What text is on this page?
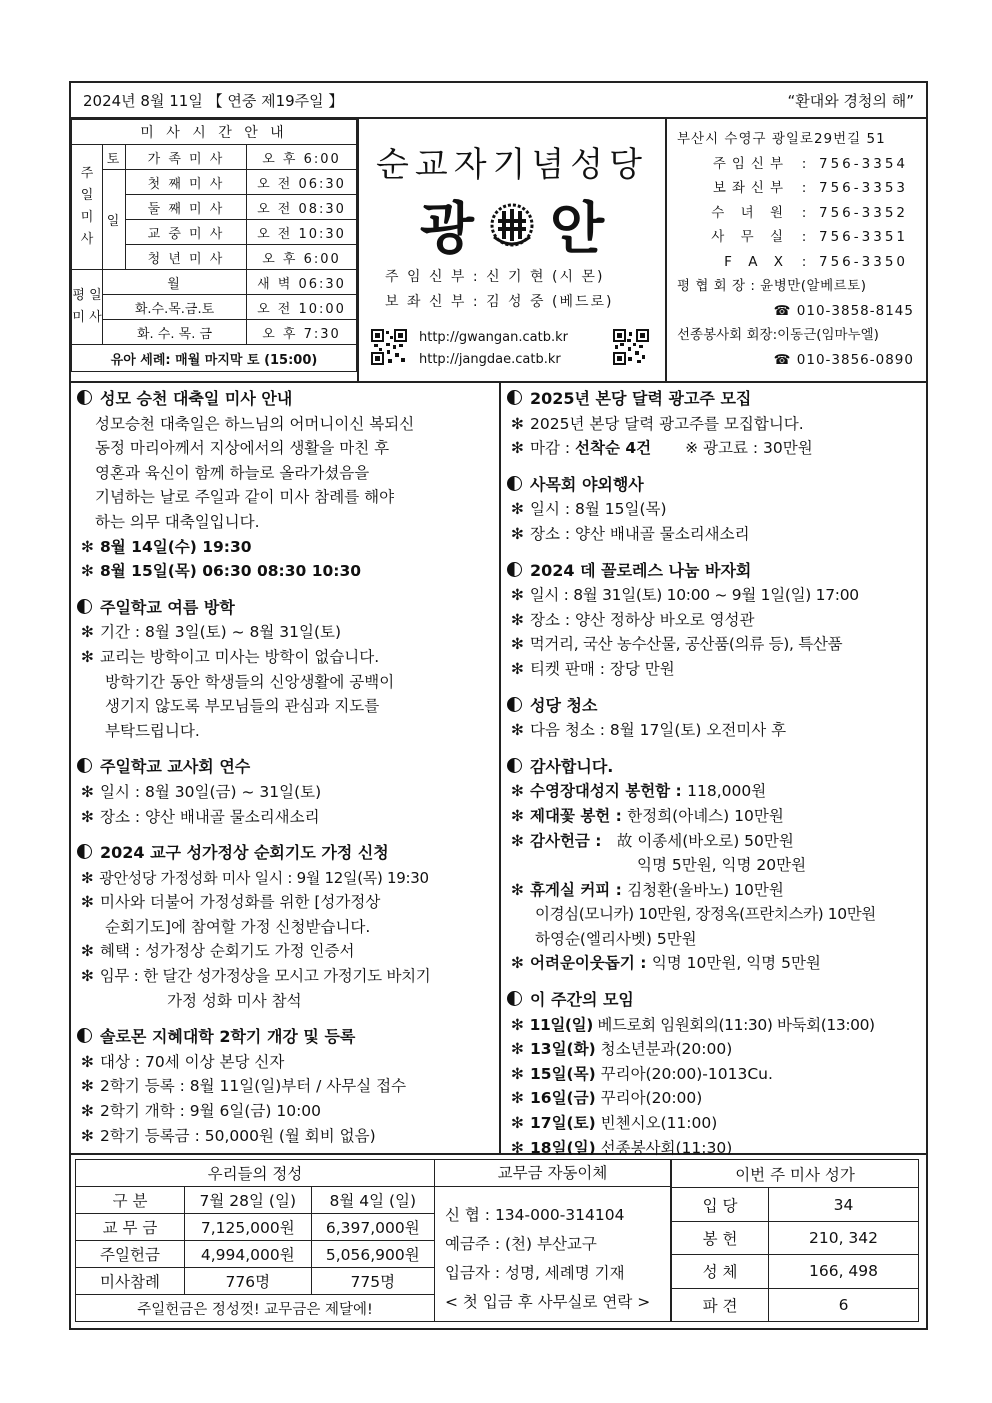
2024년 8월 11일 【 연중 제19주일 】	“환대와 경청의 해”
미 사 시 간 안 내			
주 일 미 사	토	가 족 미 사	오 후 6:00
	일	첫 째 미 사	오 전 06:30
		둘 째 미 사	오 전 08:30
		교 중 미 사	오 전 10:30
		청 년 미 사	오 후 6:00
평 일 미 사	월		새 벽 06:30
	화.수.목.금.토		오 전 10:00
	화. 수. 목. 금		오 후 7:30
유아 세례: 매월 마지막 토 (15:00)			
순교자기념성당
광 안
주 임 신 부 : 신 기 현 (시 몬)
보 좌 신 부 : 김 성 중 (베드로)
http://gwangan.catb.kr
http://jangdae.catb.kr
부산시 수영구 광일로29번길 51
주임신부 : 756-3354
보좌신부 : 756-3353
수 녀 원 : 756-3352
사 무 실 : 756-3351
F A X : 756-3350
평 협 회 장 : 윤병만(알베르토)
☎ 010-3858-8145
선종봉사회 회장:이동근(임마누엘)
☎ 010-3856-0890
성모 승천 대축일 미사 안내
성모승천 대축일은 하느님의 어머니이신 복되신
동정 마리아께서 지상에서의 생활을 마친 후
영혼과 육신이 함께 하늘로 올라가셨음을
기념하는 날로 주일과 같이 미사 참례를 해야
하는 의무 대축일입니다.
✻ 8월 14일(수) 19:30
✻ 8월 15일(목) 06:30 08:30 10:30
주일학교 여름 방학
✻ 기간 : 8월 3일(토) ~ 8월 31일(토)
✻ 교리는 방학이고 미사는 방학이 없습니다.
방학기간 동안 학생들의 신앙생활에 공백이
생기지 않도록 부모님들의 관심과 지도를
부탁드립니다.
주일학교 교사회 연수
✻ 일시 : 8월 30일(금) ~ 31일(토)
✻ 장소 : 양산 배내골 물소리새소리
2024 교구 성가정상 순회기도 가정 신청
✻ 광안성당 가정성화 미사 일시 : 9월 12일(목) 19:30
✻ 미사와 더불어 가정성화를 위한 [성가정상
순회기도]에 참여할 가정 신청받습니다.
✻ 혜택 : 성가정상 순회기도 가정 인증서
✻ 임무 : 한 달간 성가정상을 모시고 가정기도 바치기
가정 성화 미사 참석
솔로몬 지혜대학 2학기 개강 및 등록
✻ 대상 : 70세 이상 본당 신자
✻ 2학기 등록 : 8월 11일(일)부터 / 사무실 접수
✻ 2학기 개학 : 9월 6일(금) 10:00
✻ 2학기 등록금 : 50,000원 (월 회비 없음)
2025년 본당 달력 광고주 모집
✻ 2025년 본당 달력 광고주를 모집합니다.
✻ 마감 : 선착순 4건 ※ 광고료 : 30만원
사목회 야외행사
✻ 일시 : 8월 15일(목)
✻ 장소 : 양산 배내골 물소리새소리
2024 데 꼴로레스 나눔 바자회
✻ 일시 : 8월 31일(토) 10:00 ~ 9월 1일(일) 17:00
✻ 장소 : 양산 정하상 바오로 영성관
✻ 먹거리, 국산 농수산물, 공산품(의류 등), 특산품
✻ 티켓 판매 : 장당 만원
성당 청소
✻ 다음 청소 : 8월 17일(토) 오전미사 후
감사합니다.
✻ 수영장대성지 봉헌함 : 118,000원
✻ 제대꽃 봉헌 : 한정희(아녜스) 10만원
✻ 감사헌금 : 故 이종세(바오로) 50만원
익명 5만원, 익명 20만원
✻ 휴게실 커피 : 김청환(울바노) 10만원
이경심(모니카) 10만원, 장정옥(프란치스카) 10만원
하영순(엘리사벳) 5만원
✻ 어려운이웃돕기 : 익명 10만원, 익명 5만원
이 주간의 모임
✻ 11일(일) 베드로회 임원회의(11:30) 바둑회(13:00)
✻ 13일(화) 청소년분과(20:00)
✻ 15일(목) 꾸리아(20:00)-1013Cu.
✻ 16일(금) 꾸리아(20:00)
✻ 17일(토) 빈첸시오(11:00)
✻ 18일(일) 선종봉사회(11:30)
우리들의 정성		
구 분	7월 28일 (일)	8월 4일 (일)
교 무 금	7,125,000원	6,397,000원
주일헌금	4,994,000원	5,056,900원
미사참례	776명	775명
주일헌금은 정성껏! 교무금은 제달에!		
교무금 자동이체
신 협 : 134-000-314104
예금주 : (천) 부산교구
입금자 : 성명, 세례명 기재
< 첫 입금 후 사무실로 연락 >
이번 주 미사 성가	
입 당	34
봉 헌	210, 342
성 체	166, 498
파 견	6
